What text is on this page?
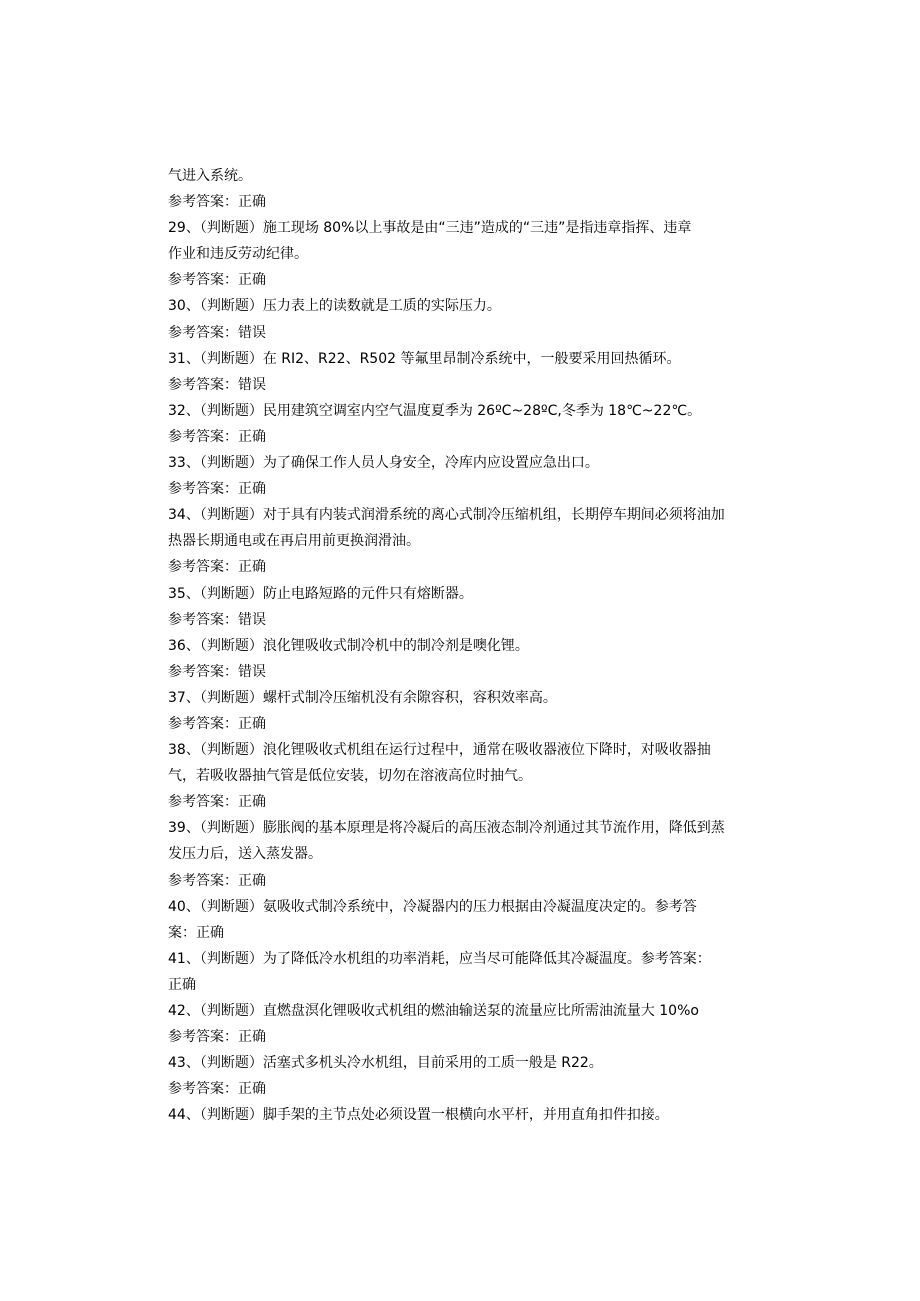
气进入系统。
参考答案：正确
29、（判断题）施工现场 80%以上事故是由“三违”造成的“三违”是指违章指挥、违章
作业和违反劳动纪律。
参考答案：正确
30、（判断题）压力表上的读数就是工质的实际压力。
参考答案：错误
31、（判断题）在 RI2、R22、R502 等氟里昂制冷系统中，一般要采用回热循环。
参考答案：错误
32、（判断题）民用建筑空调室内空气温度夏季为 26ºC~28ºC,冬季为 18℃~22℃。
参考答案：正确
33、（判断题）为了确保工作人员人身安全，冷库内应设置应急出口。
参考答案：正确
34、（判断题）对于具有内装式润滑系统的离心式制冷压缩机组，长期停车期间必须将油加
热器长期通电或在再启用前更换润滑油。
参考答案：正确
35、（判断题）防止电路短路的元件只有熔断器。
参考答案：错误
36、（判断题）浪化锂吸收式制冷机中的制冷剂是噢化锂。
参考答案：错误
37、（判断题）螺杆式制冷压缩机没有余隙容积，容积效率高。
参考答案：正确
38、（判断题）浪化锂吸收式机组在运行过程中，通常在吸收器液位下降时，对吸收器抽
气，若吸收器抽气管是低位安装，切勿在溶液高位时抽气。
参考答案：正确
39、（判断题）膨胀阀的基本原理是将冷凝后的高压液态制冷剂通过其节流作用，降低到蒸
发压力后，送入蒸发器。
参考答案：正确
40、（判断题）氨吸收式制冷系统中，冷凝器内的压力根据由冷凝温度决定的。参考答
案：正确
41、（判断题）为了降低冷水机组的功率消耗，应当尽可能降低其冷凝温度。参考答案：
正确
42、（判断题）直燃盘溟化锂吸收式机组的燃油输送泵的流量应比所需油流量大 10%o
参考答案：正确
43、（判断题）活塞式多机头冷水机组，目前采用的工质一般是 R22。
参考答案：正确
44、（判断题）脚手架的主节点处必须设置一根横向水平杆，并用直角扣件扣接。
